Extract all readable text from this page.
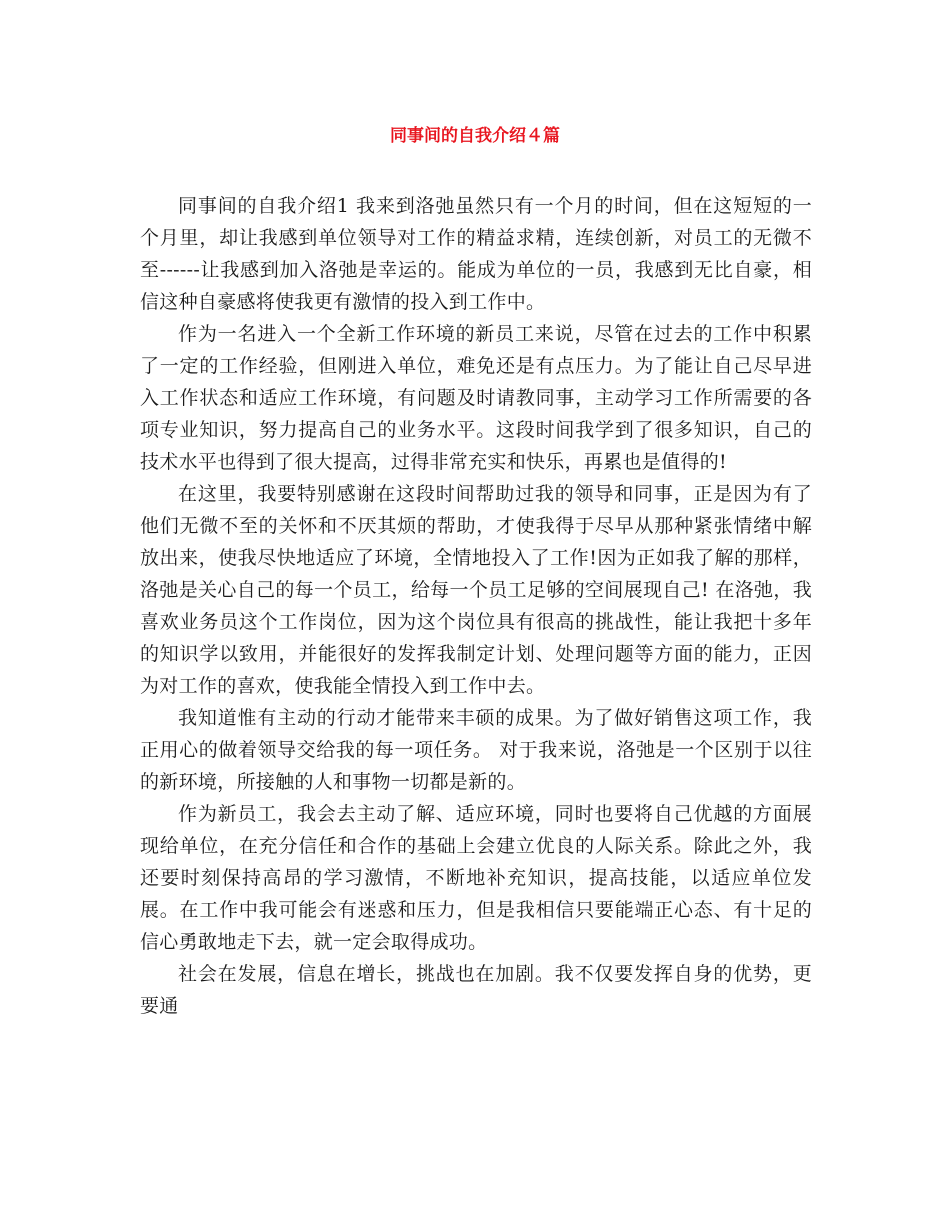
同事间的自我介绍４篇

同事间的自我介绍1 我来到洛弛虽然只有一个月的时间，但在这短短的一个月里，却让我感到单位领导对工作的精益求精，连续创新，对员工的无微不至------让我感到加入洛弛是幸运的。能成为单位的一员，我感到无比自豪，相信这种自豪感将使我更有激情的投入到工作中。

作为一名进入一个全新工作环境的新员工来说，尽管在过去的工作中积累了一定的工作经验，但刚进入单位，难免还是有点压力。为了能让自己尽早进入工作状态和适应工作环境，有问题及时请教同事，主动学习工作所需要的各项专业知识，努力提高自己的业务水平。这段时间我学到了很多知识，自己的技术水平也得到了很大提高，过得非常充实和快乐，再累也是值得的!

在这里，我要特别感谢在这段时间帮助过我的领导和同事，正是因为有了他们无微不至的关怀和不厌其烦的帮助，才使我得于尽早从那种紧张情绪中解放出来，使我尽快地适应了环境，全情地投入了工作!因为正如我了解的那样，洛弛是关心自己的每一个员工，给每一个员工足够的空间展现自己! 在洛弛，我喜欢业务员这个工作岗位，因为这个岗位具有很高的挑战性，能让我把十多年的知识学以致用，并能很好的发挥我制定计划、处理问题等方面的能力，正因为对工作的喜欢，使我能全情投入到工作中去。

我知道惟有主动的行动才能带来丰硕的成果。为了做好销售这项工作，我正用心的做着领导交给我的每一项任务。 对于我来说，洛弛是一个区别于以往的新环境，所接触的人和事物一切都是新的。

作为新员工，我会去主动了解、适应环境，同时也要将自己优越的方面展现给单位，在充分信任和合作的基础上会建立优良的人际关系。除此之外，我还要时刻保持高昂的学习激情，不断地补充知识，提高技能，以适应单位发展。在工作中我可能会有迷惑和压力，但是我相信只要能端正心态、有十足的信心勇敢地走下去，就一定会取得成功。

社会在发展，信息在增长，挑战也在加剧。我不仅要发挥自身的优势，更要通
